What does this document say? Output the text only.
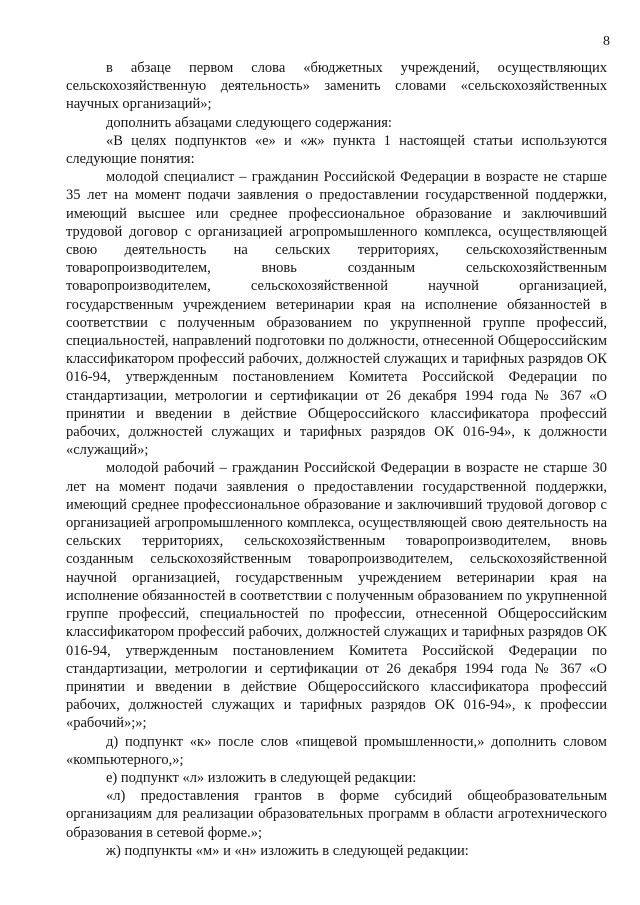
8

в абзаце первом слова «бюджетных учреждений, осуществляющих сельскохозяйственную деятельность» заменить словами «сельскохозяйственных научных организаций»;

дополнить абзацами следующего содержания:

«В целях подпунктов «е» и «ж» пункта 1 настоящей статьи используются следующие понятия:

молодой специалист – гражданин Российской Федерации в возрасте не старше 35 лет на момент подачи заявления о предоставлении государственной поддержки, имеющий высшее или среднее профессиональное образование и заключивший трудовой договор с организацией агропромышленного комплекса, осуществляющей свою деятельность на сельских территориях, сельскохозяйственным товаропроизводителем, вновь созданным сельскохозяйственным товаропроизводителем, сельскохозяйственной научной организацией, государственным учреждением ветеринарии края на исполнение обязанностей в соответствии с полученным образованием по укрупненной группе профессий, специальностей, направлений подготовки по должности, отнесенной Общероссийским классификатором профессий рабочих, должностей служащих и тарифных разрядов ОК 016-94, утвержденным постановлением Комитета Российской Федерации по стандартизации, метрологии и сертификации от 26 декабря 1994 года № 367 «О принятии и введении в действие Общероссийского классификатора профессий рабочих, должностей служащих и тарифных разрядов ОК 016-94», к должности «служащий»;

молодой рабочий – гражданин Российской Федерации в возрасте не старше 30 лет на момент подачи заявления о предоставлении государственной поддержки, имеющий среднее профессиональное образование и заключивший трудовой договор с организацией агропромышленного комплекса, осуществляющей свою деятельность на сельских территориях, сельскохозяйственным товаропроизводителем, вновь созданным сельскохозяйственным товаропроизводителем, сельскохозяйственной научной организацией, государственным учреждением ветеринарии края на исполнение обязанностей в соответствии с полученным образованием по укрупненной группе профессий, специальностей по профессии, отнесенной Общероссийским классификатором профессий рабочих, должностей служащих и тарифных разрядов ОК 016-94, утвержденным постановлением Комитета Российской Федерации по стандартизации, метрологии и сертификации от 26 декабря 1994 года № 367 «О принятии и введении в действие Общероссийского классификатора профессий рабочих, должностей служащих и тарифных разрядов ОК 016-94», к профессии «рабочий»;»;

д) подпункт «к» после слов «пищевой промышленности,» дополнить словом «компьютерного,»;

е) подпункт «л» изложить в следующей редакции:

«л) предоставления грантов в форме субсидий общеобразовательным организациям для реализации образовательных программ в области агротехнического образования в сетевой форме.»;

ж) подпункты «м» и «н» изложить в следующей редакции:
